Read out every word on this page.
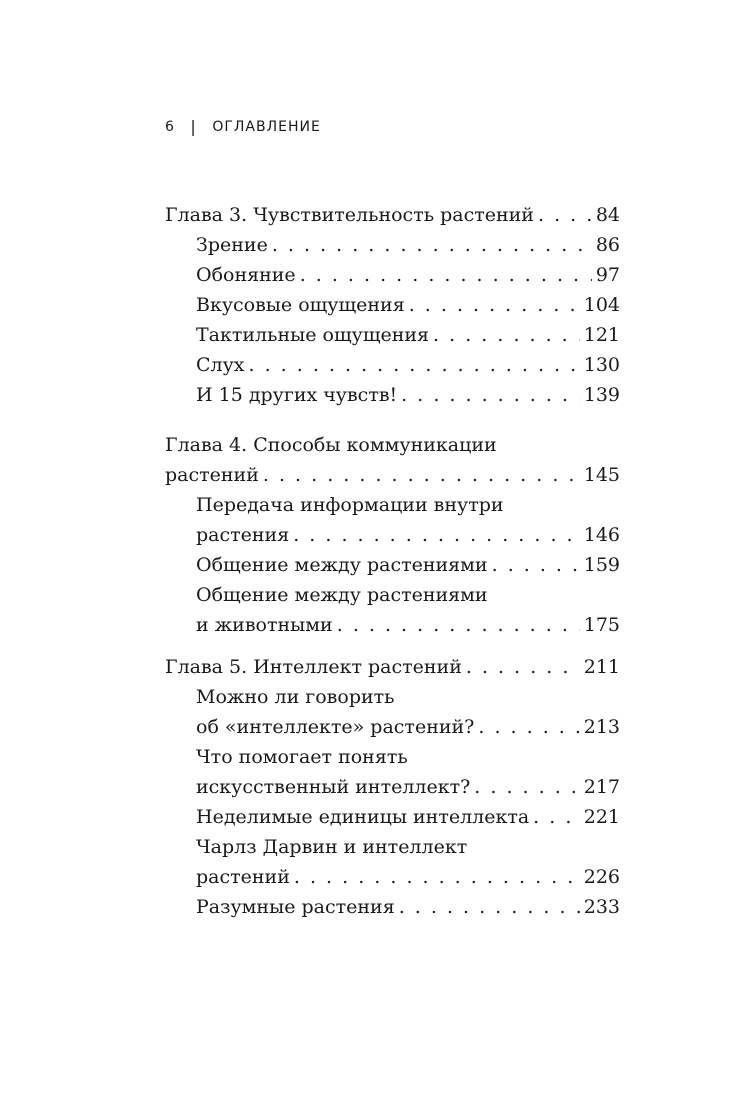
6 | ОГЛАВЛЕНИЕ
Глава 3. Чувствительность растений . . .	84
Зрение . . .	86
Обоняние . . .	97
Вкусовые ощущения . . .	104
Тактильные ощущения . . .	121
Слух . . .	130
И 15 других чувств! . . .	139
Глава 4. Способы коммуникации
растений . . .	145
Передача информации внутри
растения . . .	146
Общение между растениями . . .	159
Общение между растениями
и животными . . .	175
Глава 5. Интеллект растений . . .	211
Можно ли говорить
об «интеллекте» растений? . . .	213
Что помогает понять
искусственный интеллект? . . .	217
Неделимые единицы интеллекта . . .	221
Чарлз Дарвин и интеллект
растений . . .	226
Разумные растения . . .	233
